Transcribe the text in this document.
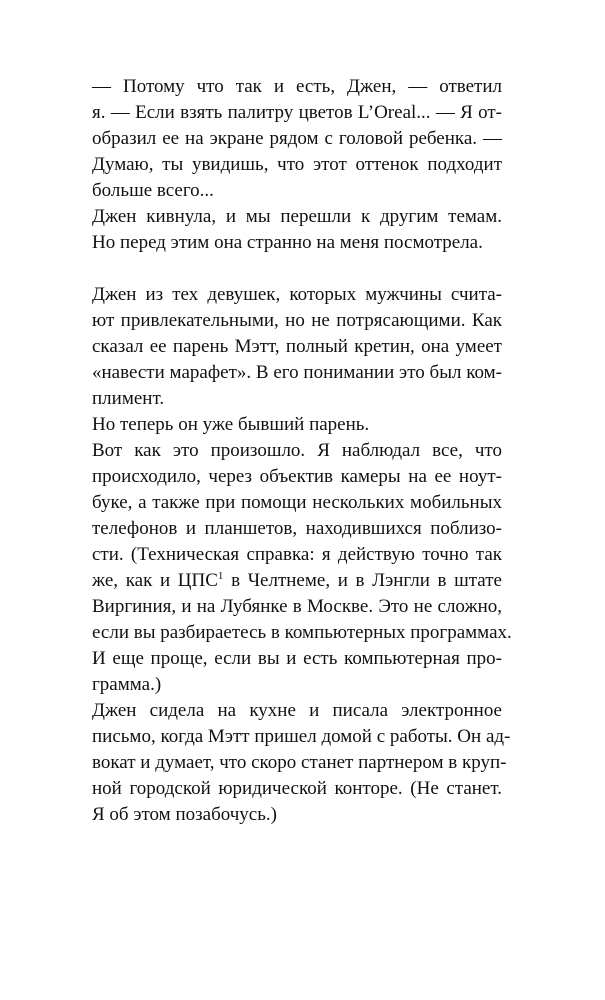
— Потому что так и есть, Джен, — ответил

я. — Если взять палитру цветов L’Oreal... — Я от-

образил ее на экране рядом с головой ребенка. —

Думаю, ты увидишь, что этот оттенок подходит

больше всего...

Джен кивнула, и мы перешли к другим темам.

Но перед этим она странно на меня посмотрела.

Джен из тех девушек, которых мужчины счита-

ют привлекательными, но не потрясающими. Как

сказал ее парень Мэтт, полный кретин, она умеет

«навести марафет». В его понимании это был ком-

плимент.

Но теперь он уже бывший парень.

Вот как это произошло. Я наблюдал все, что

происходило, через объектив камеры на ее ноут-

буке, а также при помощи нескольких мобильных

телефонов и планшетов, находившихся поблизо-

сти. (Техническая справка: я действую точно так

же, как и ЦПС$^1$ в Челтнеме, и в Лэнгли в штате

Виргиния, и на Лубянке в Москве. Это не сложно,

если вы разбираетесь в компьютерных программах.

И еще проще, если вы и есть компьютерная про-

грамма.)

Джен сидела на кухне и писала электронное

письмо, когда Мэтт пришел домой с работы. Он ад-

вокат и думает, что скоро станет партнером в круп-

ной городской юридической конторе. (Не станет.

Я об этом позабочусь.)
